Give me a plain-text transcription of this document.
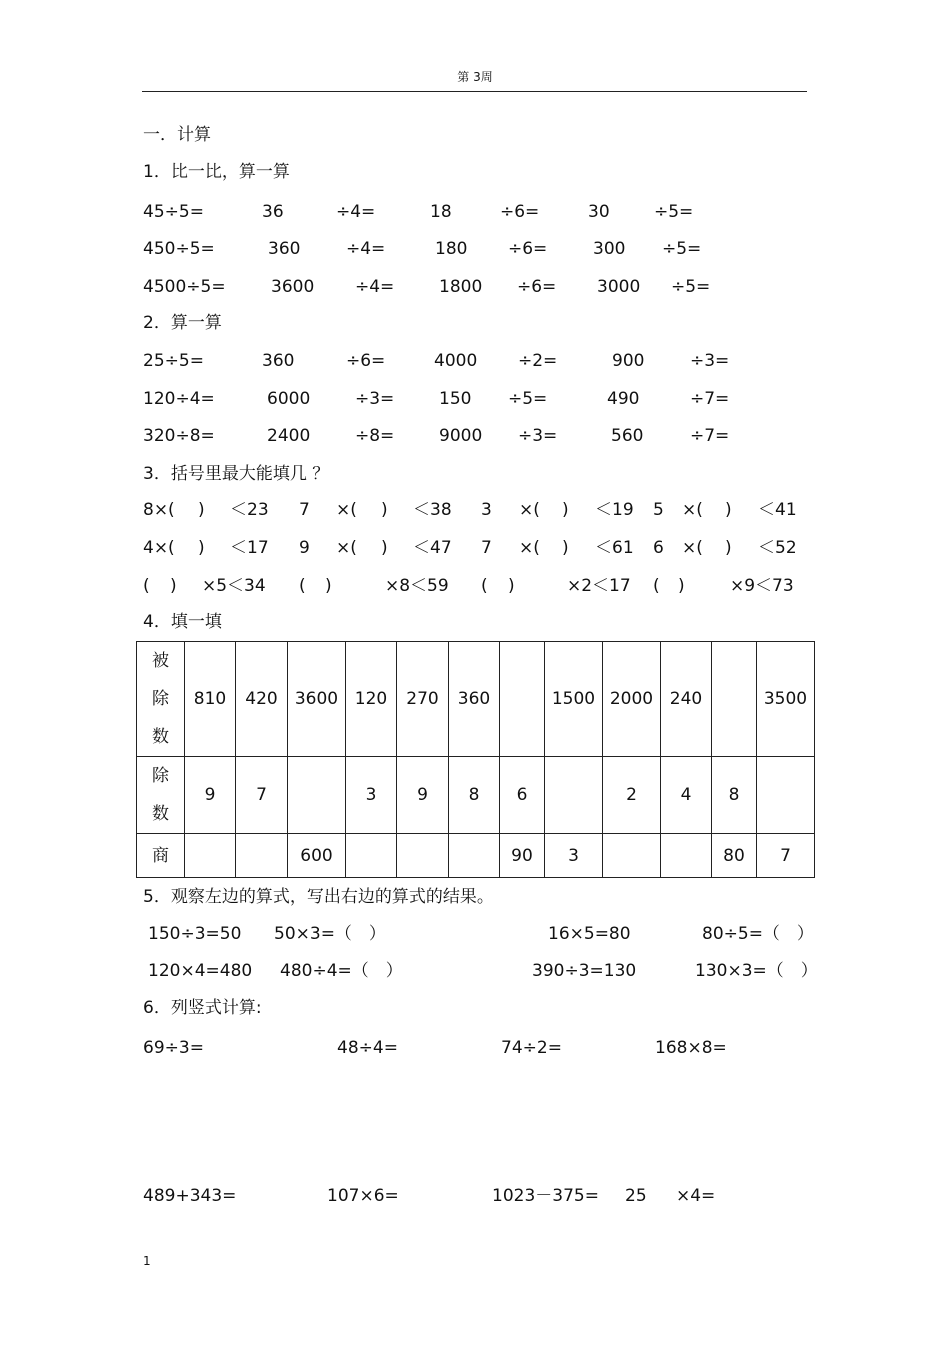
第 3周
一．计算
1．比一比，算一算
45÷5=	36	÷4=	18	÷6=	30	÷5=
450÷5=	360	÷4=	180 ÷6=	300 ÷5=
4500÷5=	3600 ÷4=	1800 ÷6= 3000 ÷5=
2．算一算
25÷5=	360	÷6=	4000 ÷2=	900	÷3=
120÷4=	6000	÷3=	150 ÷5=	490	÷7=
320÷8=	2400	÷8=	9000 ÷3=	560	÷7=
3．括号里最大能填几 ？
8×( ) ＜23 7 ×( ) ＜38 3 ×( ) ＜19 5 ×( ) ＜41
4×( ) ＜17 9 ×( ) ＜47 7 ×( ) ＜61 6 ×( ) ＜52
( ) ×5＜34 ( )	×8＜59 ( )	×2＜17 ( )	×9＜73
4．填一填
被
除
数	810	420	3600	120	270	360		1500	2000	240		3500

除
数	9	7		3	9	8	6		2	4	8	
商			600				90	3			80	7
5．观察左边的算式，写出右边的算式的结果。
150÷3=50 50×3=（　）	16×5=80	80÷5=（　）
120×4=480 480÷4=（　）	390÷3=130	130×3=（　）
6．列竖式计算:
69÷3=	48÷4=	74÷2=	168×8=
489+343=	107×6=	1023－375= 25 ×4=
1
